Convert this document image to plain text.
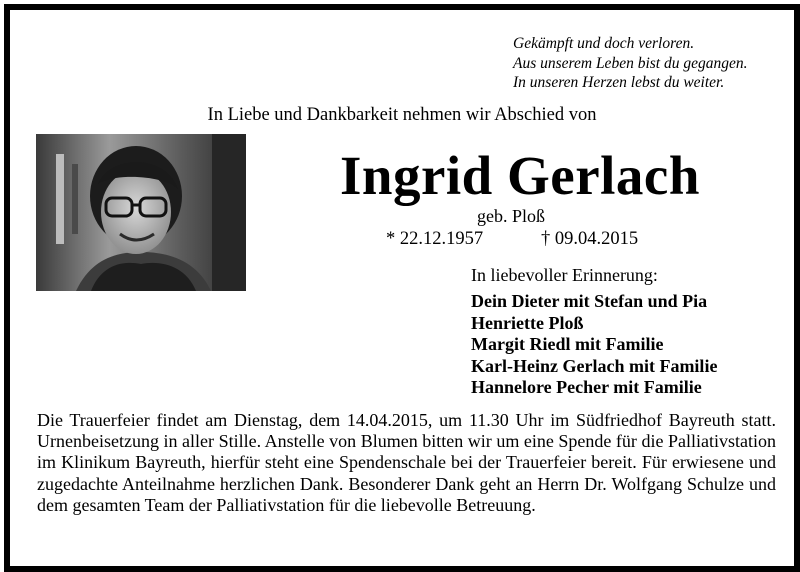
Gekämpft und doch verloren.
Aus unserem Leben bist du gegangen.
In unseren Herzen lebst du weiter.
In Liebe und Dankbarkeit nehmen wir Abschied von
Ingrid Gerlach
geb. Ploß
* 22.12.1957	† 09.04.2015
In liebevoller Erinnerung:
Dein Dieter mit Stefan und Pia
Henriette Ploß
Margit Riedl mit Familie
Karl-Heinz Gerlach mit Familie
Hannelore Pecher mit Familie
Die Trauerfeier findet am Dienstag, dem 14.04.2015, um 11.30 Uhr im Südfriedhof Bayreuth statt. Urnenbeisetzung in aller Stille. Anstelle von Blumen bitten wir um eine Spende für die Palliativstation im Klinikum Bayreuth, hierfür steht eine Spendenschale bei der Trauerfeier bereit. Für erwiesene und zugedachte Anteilnahme herzlichen Dank. Besonderer Dank geht an Herrn Dr. Wolfgang Schulze und dem gesamten Team der Palliativstation für die liebevolle Betreuung.
